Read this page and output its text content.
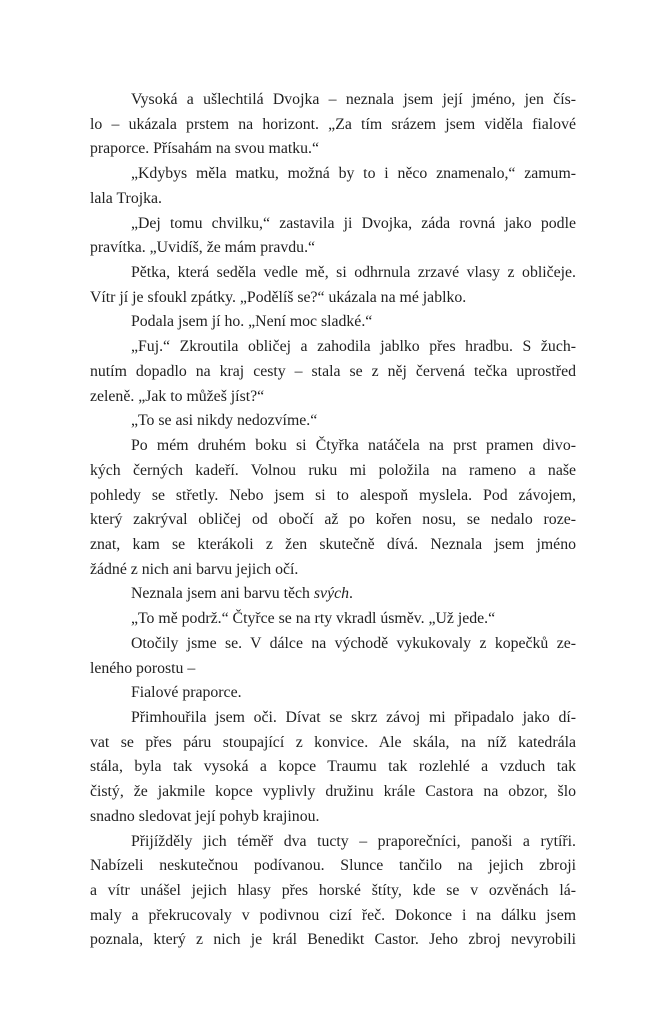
Vysoká a ušlechtilá Dvojka – neznala jsem její jméno, jen čís-
lo – ukázala prstem na horizont. „Za tím srázem jsem viděla fialové
praporce. Přísahám na svou matku.“
„Kdybys měla matku, možná by to i něco znamenalo,“ zamum-
lala Trojka.
„Dej tomu chvilku,“ zastavila ji Dvojka, záda rovná jako podle
pravítka. „Uvidíš, že mám pravdu.“
Pětka, která seděla vedle mě, si odhrnula zrzavé vlasy z obličeje.
Vítr jí je sfoukl zpátky. „Podělíš se?“ ukázala na mé jablko.
Podala jsem jí ho. „Není moc sladké.“
„Fuj.“ Zkroutila obličej a zahodila jablko přes hradbu. S žuch-
nutím dopadlo na kraj cesty – stala se z něj červená tečka uprostřed
zeleně. „Jak to můžeš jíst?“
„To se asi nikdy nedozvíme.“
Po mém druhém boku si Čtyřka natáčela na prst pramen divo-
kých černých kadeří. Volnou ruku mi položila na rameno a naše
pohledy se střetly. Nebo jsem si to alespoň myslela. Pod závojem,
který zakrýval obličej od obočí až po kořen nosu, se nedalo roze-
znat, kam se kterákoli z žen skutečně dívá. Neznala jsem jméno
žádné z nich ani barvu jejich očí.
Neznala jsem ani barvu těch svých.
„To mě podrž.“ Čtyřce se na rty vkradl úsměv. „Už jede.“
Otočily jsme se. V dálce na východě vykukovaly z kopečků ze-
leného porostu –
Fialové praporce.
Přimhouřila jsem oči. Dívat se skrz závoj mi připadalo jako dí-
vat se přes páru stoupající z konvice. Ale skála, na níž katedrála
stála, byla tak vysoká a kopce Traumu tak rozlehlé a vzduch tak
čistý, že jakmile kopce vyplivly družinu krále Castora na obzor, šlo
snadno sledovat její pohyb krajinou.
Přijížděly jich téměř dva tucty – praporečníci, panoši a rytíři.
Nabízeli neskutečnou podívanou. Slunce tančilo na jejich zbroji
a vítr unášel jejich hlasy přes horské štíty, kde se v ozvěnách lá-
maly a překrucovaly v podivnou cizí řeč. Dokonce i na dálku jsem
poznala, který z nich je král Benedikt Castor. Jeho zbroj nevyrobili
